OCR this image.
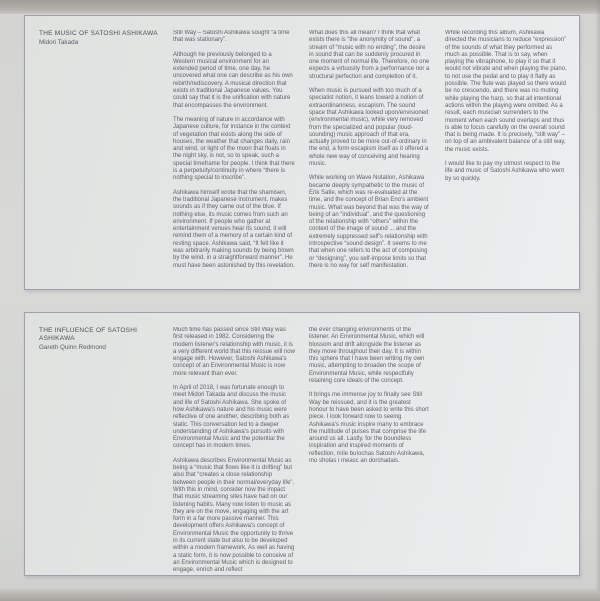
THE MUSIC OF SATOSHI ASHIKAWA
Midori Takada

Still Way – Satoshi Ashikawa sought “a time that was stationary”.

Although he previously belonged to a Western musical environment for an extended period of time, one day, he uncovered what one can describe as his own rebirth/rediscovery. A musical direction that exists in traditional Japanese values. You could say that it is the unification with nature that encompasses the environment.

The meaning of nature in accordance with Japanese culture, for instance in the context of vegetation that exists along the side of houses, the weather that changes daily, rain and wind, or light of the moon that floats in the night sky, is not, so to speak, such a special timeframe for people. I think that there is a perpetuity/continuity in where “there is nothing special to inscribe”.

Ashikawa himself wrote that the shamisen, the traditional Japanese instrument, makes sounds as if they came out of the blue. If nothing else, its music comes from such an environment. If people who gather at entertainment venues hear its sound, it will remind them of a memory of a certain kind of resting space. Ashikawa said, “It felt like it was arbitrarily making sounds by being blown by the wind, in a straightforward manner”. He must have been astonished by this revelation.

What does this all mean? I think that what exists there is “the anonymity of sound”, a stream of “music with no ending”, the desire in sound that can be suddenly procured in one moment of normal life. Therefore, no one expects a virtuosity from a performance nor a structural perfection and completion of it.

When music is pursued with too much of a specialist notion, it leans toward a notion of extraordinariness, escapism. The sound space that Ashikawa looked upon/envisioned (environmental music), while very removed from the specialized and popular (loud-sounding) music approach of that era, actually proved to be more out-of-ordinary in the end, a form escapism itself as it offered a whole new way of conceiving and hearing music.

While working on Wave Notation, Ashikawa became deeply sympathetic to the music of Erik Satie, which was re-evaluated at the time, and the concept of Brian Eno's ambient music. What was beyond that was the way of being of an “individual”, and the questioning of the relationship with “others” within the context of the image of sound ... and the extremely suppressed self's relationship with introspective “sound design”. It seems to me that when one refers to the act of composing or “designing”, you self-impose limits so that there is no way for self manifestation.

While recording this album, Ashikawa directed the musicians to reduce “expression” of the sounds of what they performed as much as possible. That is to say, when playing the vibraphone, to play it so that it would not vibrate and when playing the piano, to not use the pedal and to play it flatly as possible. The flute was played so there would be no crescendo, and there was no muting while playing the harp, so that all intentional actions within the playing were omitted. As a result, each musician surrenders to the moment when each sound overlaps and thus is able to focus carefully on the overall sound that is being made. It is precisely, “still way” – on top of an ambivalent balance of a still way, the music exists.

I would like to pay my utmost respect to the life and music of Satoshi Ashikawa who went by so quickly.

THE INFLUENCE OF SATOSHI ASHIKAWA
Gareth Quinn Redmond

Much time has passed since Still Way was first released in 1982. Considering the modern listener's relationship with music, it is a very different world that this reissue will now engage with. However, Satoshi Ashikawa's concept of an Environmental Music is now more relevant than ever.

In April of 2018, I was fortunate enough to meet Midori Takada and discuss the music and life of Satoshi Ashikawa. She spoke of how Ashikawa's nature and his music were reflective of one another, describing both as static. This conversation led to a deeper understanding of Ashikawa's pursuits with Environmental Music and the potential the concept has in modern times.

Ashikawa describes Environmental Music as being a “music that flows like it is drifting” but also that “creates a close relationship between people in their normal/everyday life”. With this in mind, consider now the impact that music streaming sites have had on our listening habits. Many now listen to music as they are on the move, engaging with the art form in a far more passive manner. This development offers Ashikawa's concept of Environmental Music the opportunity to thrive in its current state but also to be developed within a modern framework. As well as having a static form, it is now possible to conceive of an Environmental Music which is designed to engage, enrich and reflect

the ever changing environments of the listener. An Environmental Music, which will blossom and drift alongside the listener as they move throughout their day. It is within this sphere that I have been writing my own music, attempting to broaden the scope of Environmental Music, while respectfully retaining core ideals of the concept.

It brings me immense joy to finally see Still Way be reissued, and it is the greatest honour to have been asked to write this short piece. I look forward now to seeing Ashikawa's music inspire many to embrace the multitude of pulses that comprise the life around us all. Lastly, for the boundless inspiration and inspired moments of reflection, míle buíochas Satoshi Ashikawa, mo sholas i measc an dorchadais.
